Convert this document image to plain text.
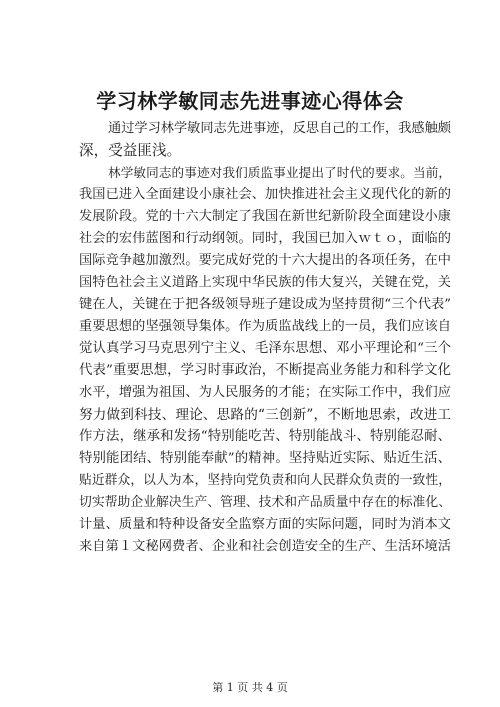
学习林学敏同志先进事迹心得体会
通过学习林学敏同志先进事迹，反思自己的工作，我感触颇
深，受益匪浅。
林学敏同志的事迹对我们质监事业提出了时代的要求。当前，
我国已进入全面建设小康社会、加快推进社会主义现代化的新的
发展阶段。党的十六大制定了我国在新世纪新阶段全面建设小康
社会的宏伟蓝图和行动纲领。同时，我国已加入ｗｔｏ，面临的
国际竞争越加激烈。要完成好党的十六大提出的各项任务，在中
国特色社会主义道路上实现中华民族的伟大复兴，关键在党，关
键在人，关键在于把各级领导班子建设成为坚持贯彻“三个代表”
重要思想的坚强领导集体。作为质监战线上的一员，我们应该自
觉认真学习马克思列宁主义、毛泽东思想、邓小平理论和“三个
代表”重要思想，学习时事政治，不断提高业务能力和科学文化
水平，增强为祖国、为人民服务的才能；在实际工作中，我们应
努力做到科技、理论、思路的“三创新”，不断地思索，改进工
作方法，继承和发扬“特别能吃苦、特别能战斗、特别能忍耐、
特别能团结、特别能奉献”的精神。坚持贴近实际、贴近生活、
贴近群众，以人为本，坚持向党负责和向人民群众负责的一致性，
切实帮助企业解决生产、管理、技术和产品质量中存在的标准化、
计量、质量和特种设备安全监察方面的实际问题，同时为消本文
来自第１文秘网费者、企业和社会创造安全的生产、生活环境活
第 1 页 共 4 页
